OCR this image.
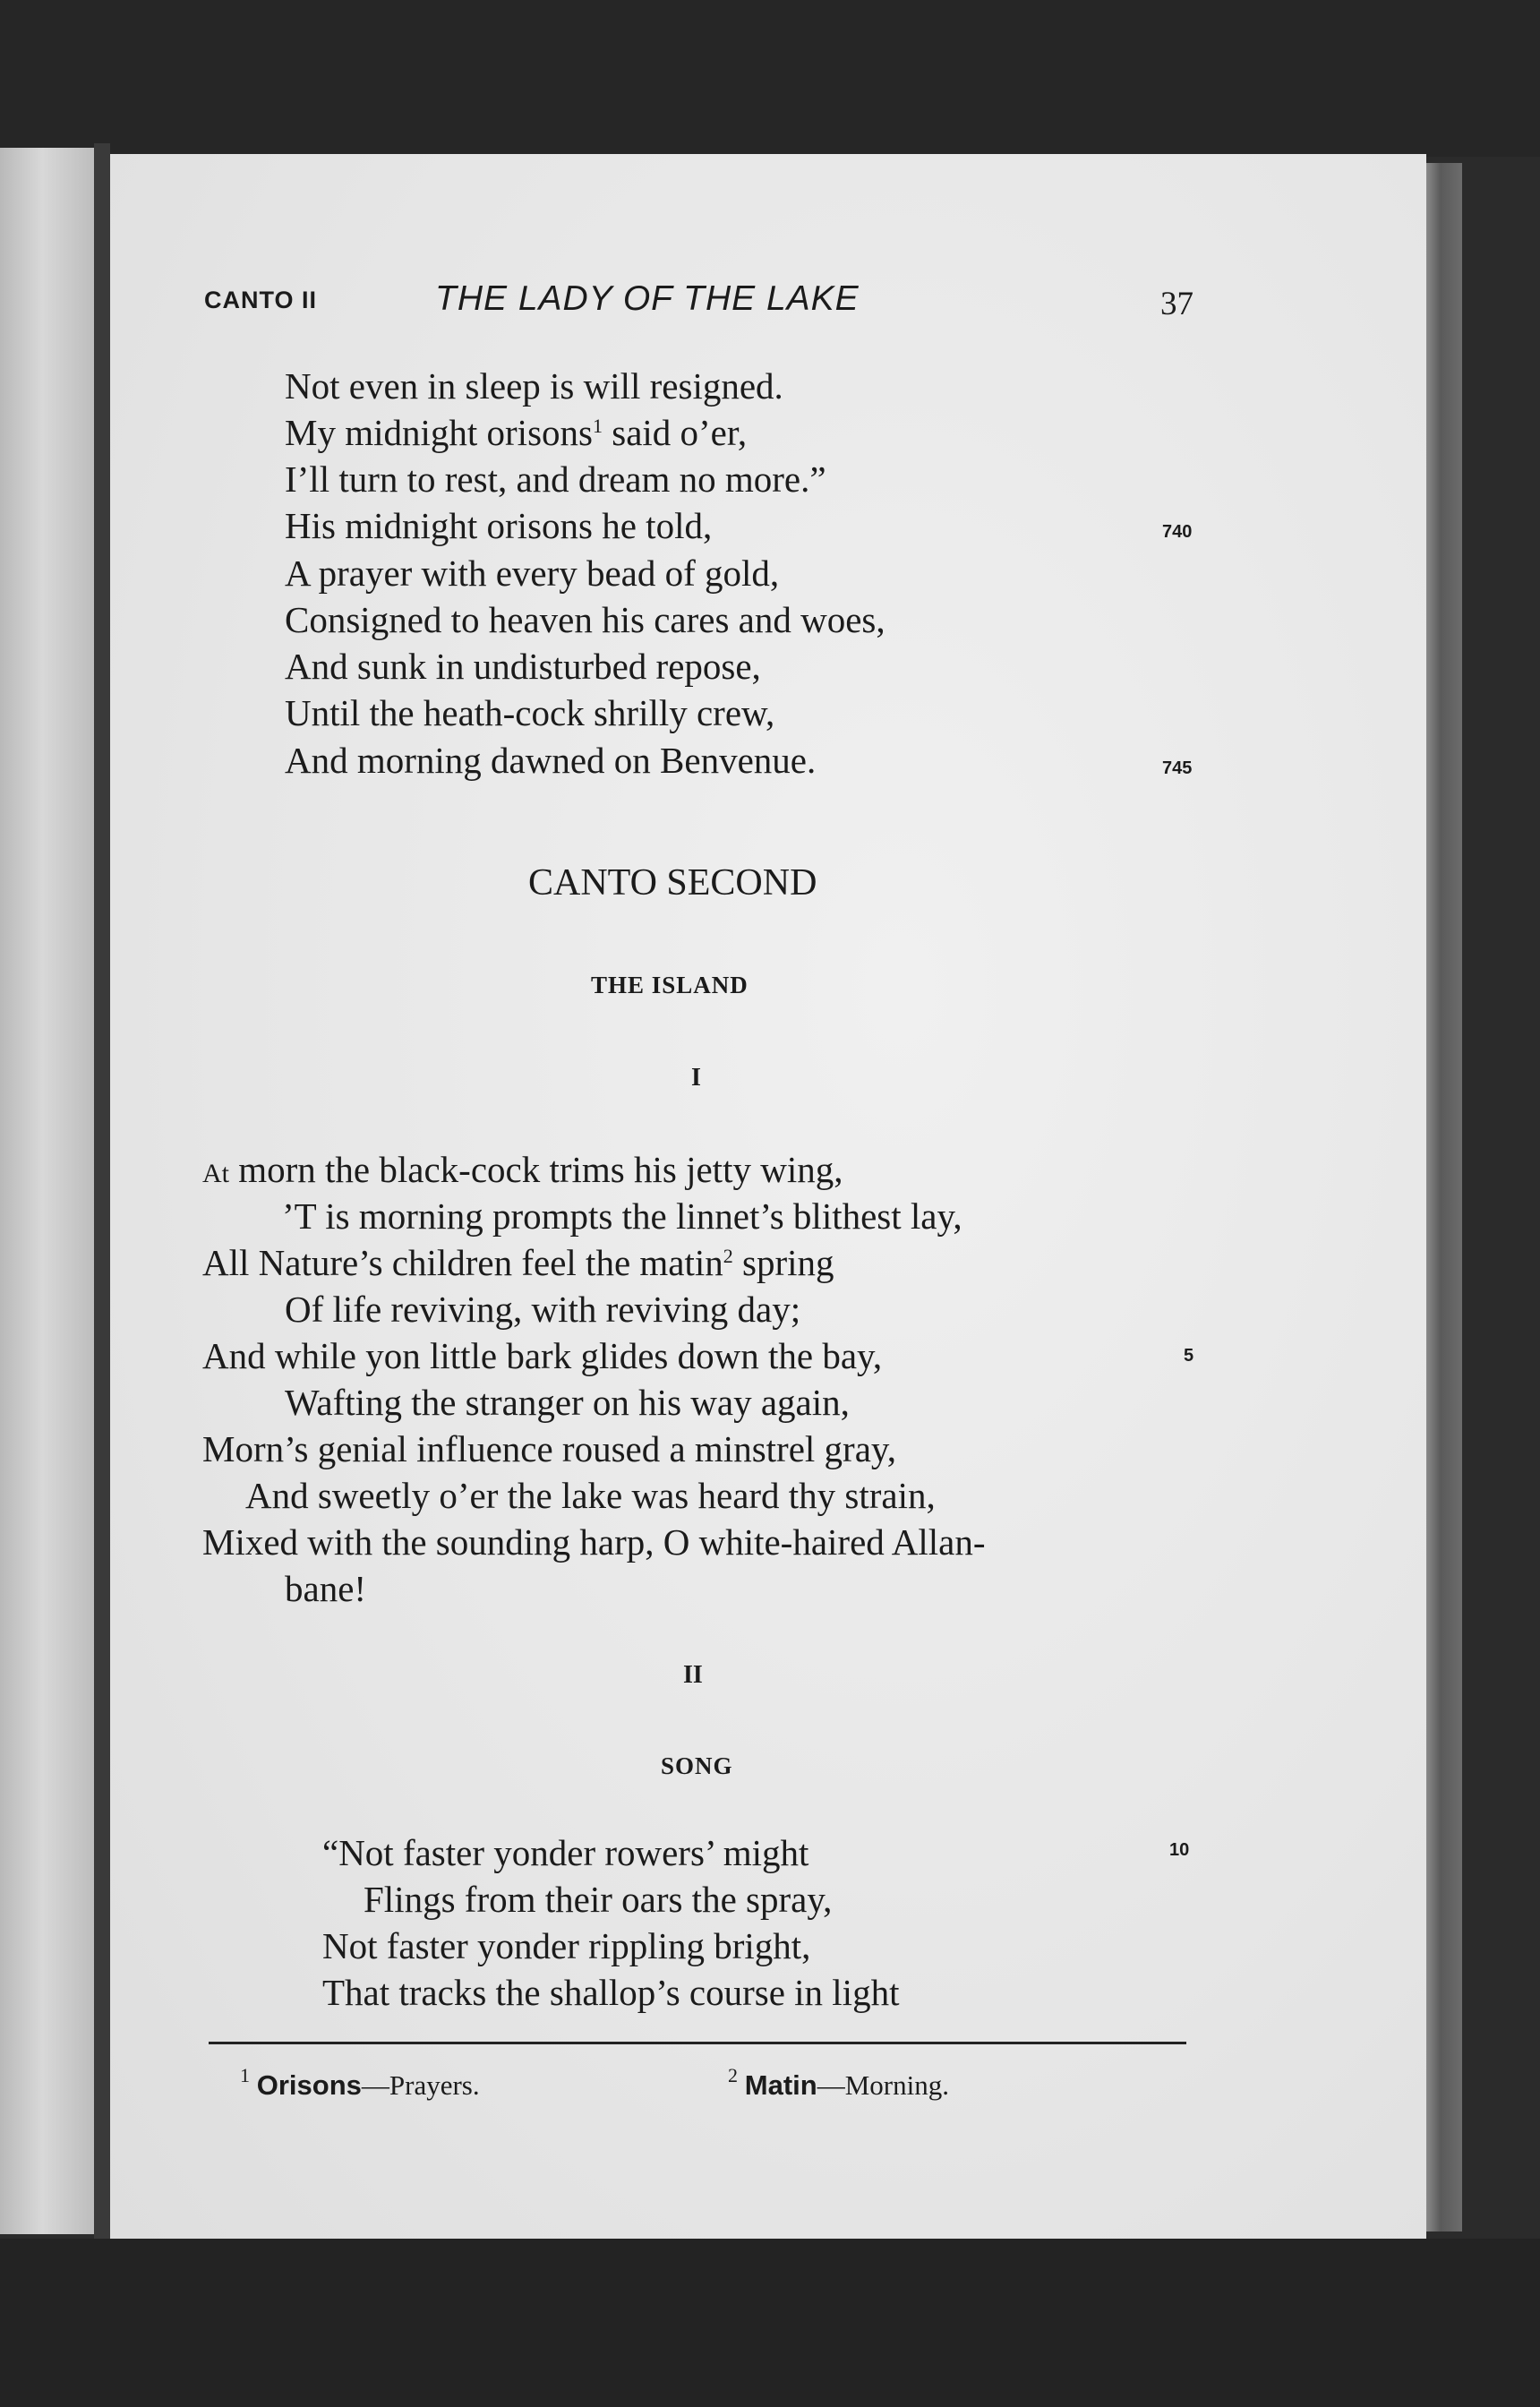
CANTO II	THE LADY OF THE LAKE	37
Not even in sleep is will resigned.
My midnight orisons$^1$ said o’er,
I’ll turn to rest, and dream no more.”
His midnight orisons he told,
A prayer with every bead of gold,
Consigned to heaven his cares and woes,
And sunk in undisturbed repose,
Until the heath-cock shrilly crew,
And morning dawned on Benvenue.
740
745
CANTO SECOND
THE ISLAND
I
At morn the black-cock trims his jetty wing,
’T is morning prompts the linnet’s blithest lay,
All Nature’s children feel the matin$^2$ spring
Of life reviving, with reviving day;
And while yon little bark glides down the bay,
Wafting the stranger on his way again,
Morn’s genial influence roused a minstrel gray,
And sweetly o’er the lake was heard thy strain,
Mixed with the sounding harp, O white-haired Allan-
bane!
5
II
SONG
“Not faster yonder rowers’ might
Flings from their oars the spray,
Not faster yonder rippling bright,
That tracks the shallop’s course in light
10
$^1$ Orisons—Prayers.	$^2$ Matin—Morning.
